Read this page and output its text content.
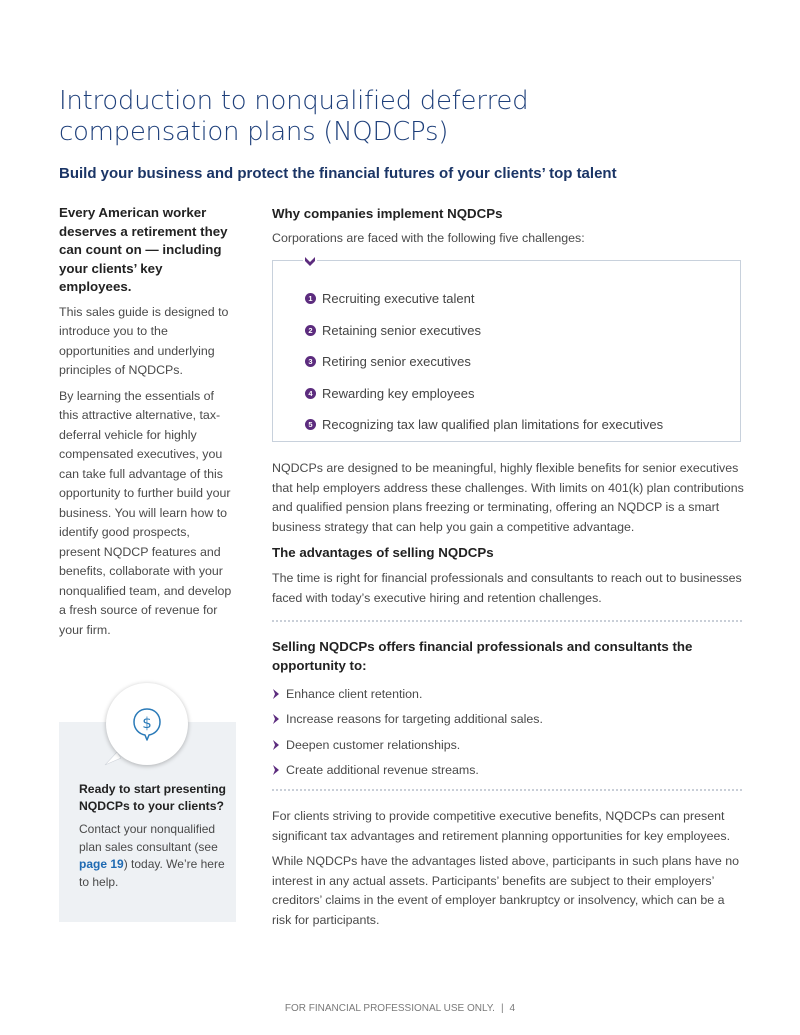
Introduction to nonqualified deferred
compensation plans (NQDCPs)
Build your business and protect the financial futures of your clients’ top talent

Every American worker deserves a retirement they can count on — including your clients’ key employees.

This sales guide is designed to introduce you to the opportunities and underlying principles of NQDCPs.

By learning the essentials of this attractive alternative, tax-deferral vehicle for highly compensated executives, you can take full advantage of this opportunity to further build your business. You will learn how to identify good prospects, present NQDCP features and benefits, collaborate with your nonqualified team, and develop a fresh source of revenue for your firm.

$

Ready to start presenting NQDCPs to your clients?

Contact your nonqualified plan sales consultant (see page 19) today. We’re here to help.

Why companies implement NQDCPs

Corporations are faced with the following five challenges:

1 Recruiting executive talent
2 Retaining senior executives
3 Retiring senior executives
4 Rewarding key employees
5 Recognizing tax law qualified plan limitations for executives

NQDCPs are designed to be meaningful, highly flexible benefits for senior executives that help employers address these challenges. With limits on 401(k) plan contributions and qualified pension plans freezing or terminating, offering an NQDCP is a smart business strategy that can help you gain a competitive advantage.

The advantages of selling NQDCPs

The time is right for financial professionals and consultants to reach out to businesses faced with today’s executive hiring and retention challenges.

Selling NQDCPs offers financial professionals and consultants the opportunity to:
Enhance client retention.
Increase reasons for targeting additional sales.
Deepen customer relationships.
Create additional revenue streams.

For clients striving to provide competitive executive benefits, NQDCPs can present significant tax advantages and retirement planning opportunities for key employees.

While NQDCPs have the advantages listed above, participants in such plans have no interest in any actual assets. Participants’ benefits are subject to their employers’ creditors’ claims in the event of employer bankruptcy or insolvency, which can be a risk for participants.

FOR FINANCIAL PROFESSIONAL USE ONLY. | 4
